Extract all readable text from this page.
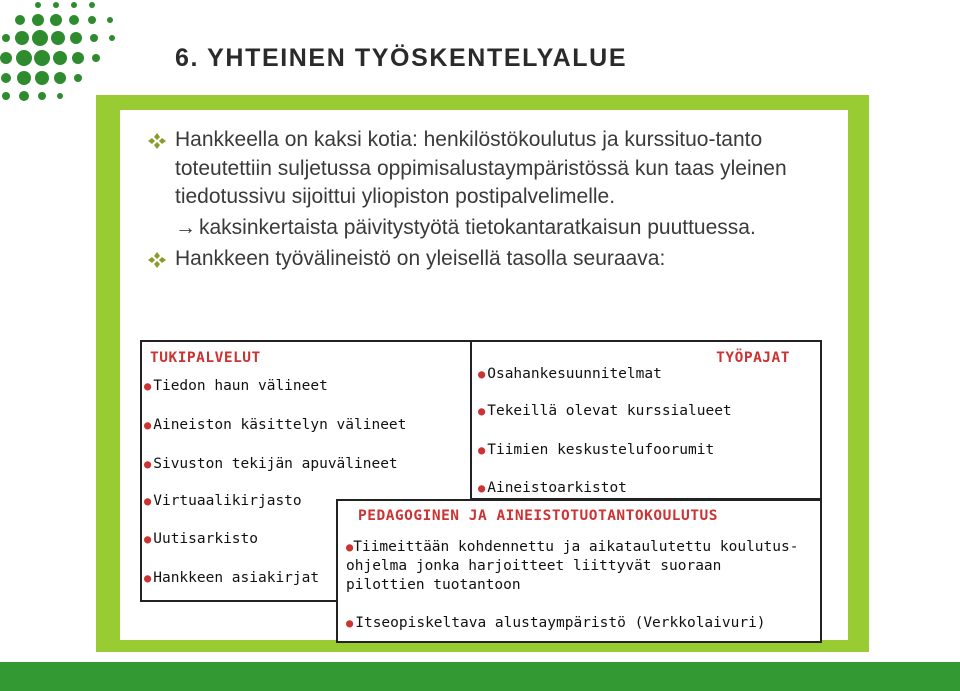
6. YHTEINEN TYÖSKENTELYALUE

Hankkeella on kaksi kotia: henkilöstökoulutus ja kurssituo-tanto toteutettiin suljetussa oppimisalustaympäristössä kun taas yleinen tiedotussivu sijoittui yliopiston postipalvelimelle.

→ kaksinkertaista päivitystyötä tietokantaratkaisun puuttuessa.

Hankkeen työvälineistö on yleisellä tasolla seuraava:

TUKIPALVELUT
● Tiedon haun välineet
● Aineiston käsittelyn välineet
● Sivuston tekijän apuvälineet
● Virtuaalikirjasto
● Uutisarkisto
● Hankkeen asiakirjat
TYÖPAJAT
● Osahankesuunnitelmat
● Tekeillä olevat kurssialueet
● Tiimien keskustelufoorumit
● Aineistoarkistot
PEDAGOGINEN JA AINEISTOTUOTANTOKOULUTUS
●Tiimeittään kohdennettu ja aikataulutettu koulutus-ohjelma jonka harjoitteet liittyvät suoraan pilottien tuotantoon
● Itseopiskeltava alustaympäristö (Verkkolaivuri)
